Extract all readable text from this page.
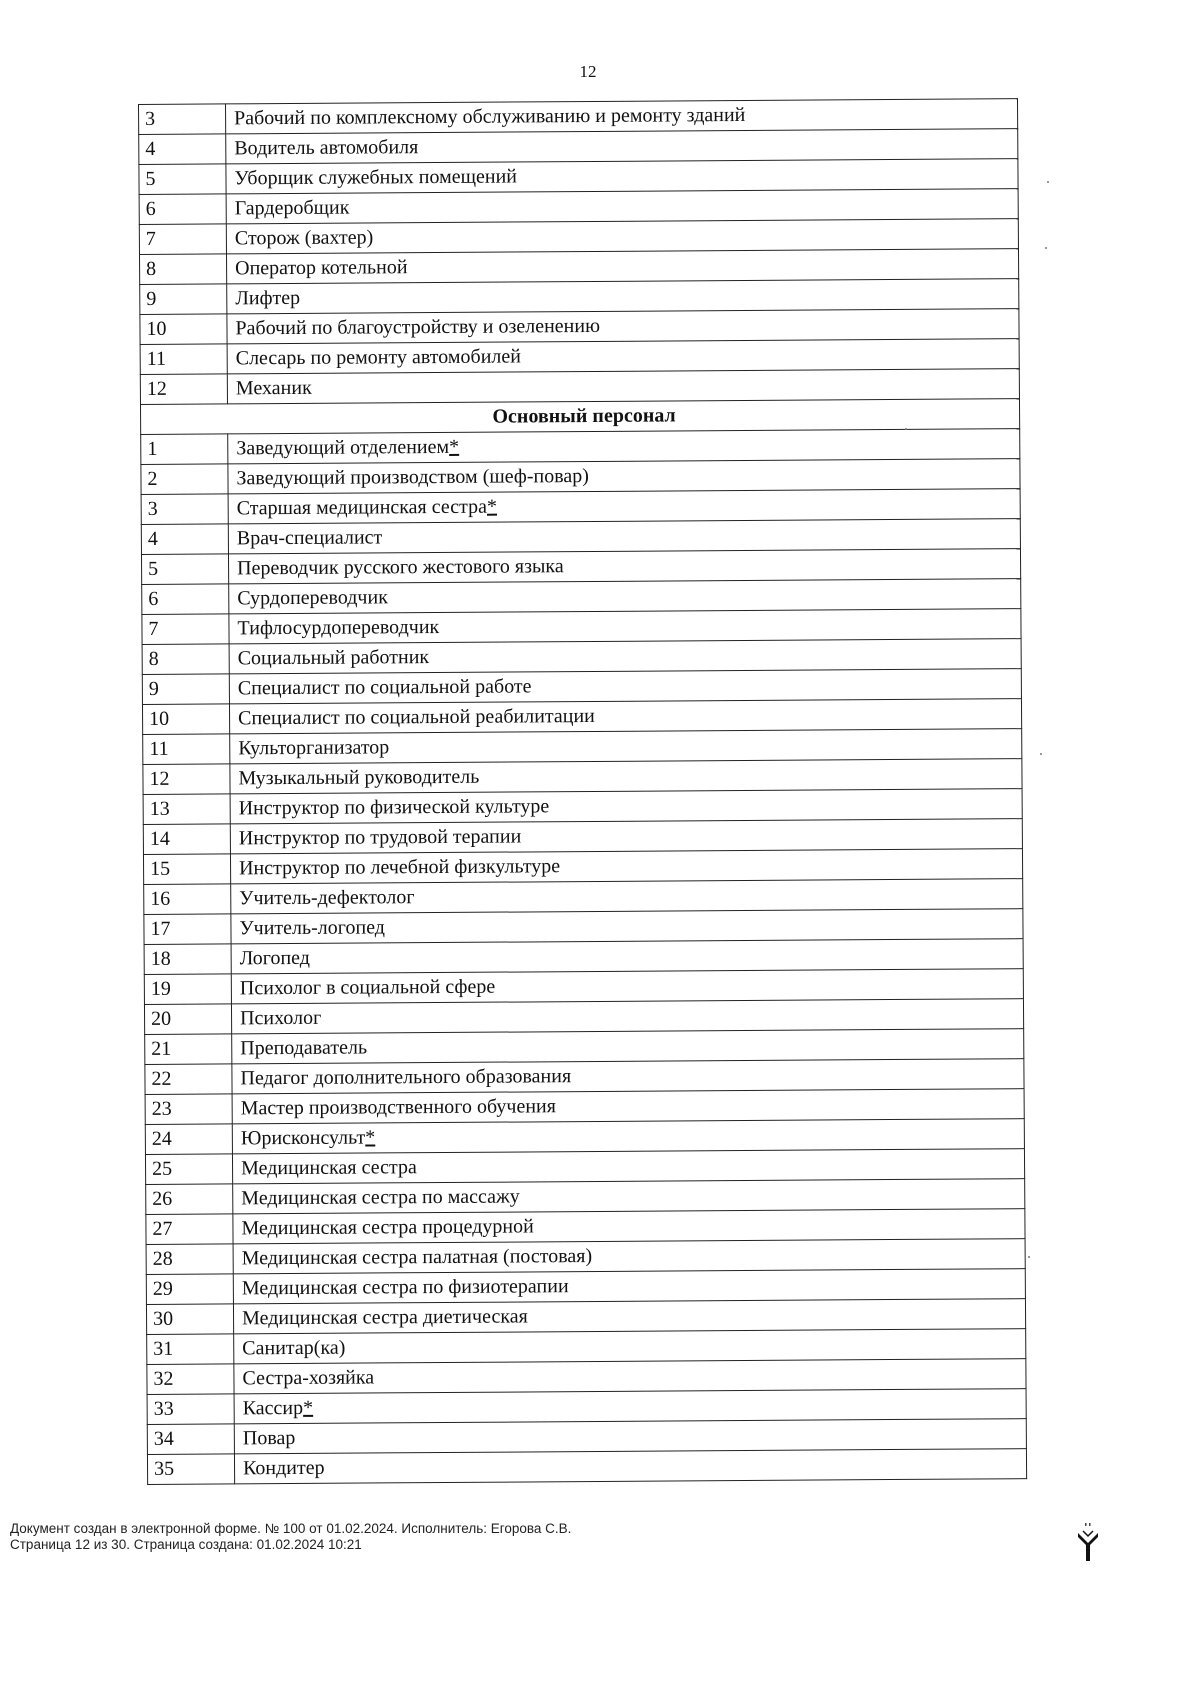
12
3	Рабочий по комплексному обслуживанию и ремонту зданий
4	Водитель автомобиля
5	Уборщик служебных помещений
6	Гардеробщик
7	Сторож (вахтер)
8	Оператор котельной
9	Лифтер
10	Рабочий по благоустройству и озеленению
11	Слесарь по ремонту автомобилей
12	Механик
Основный персонал	
1	Заведующий отделением*
2	Заведующий производством (шеф-повар)
3	Старшая медицинская сестра*
4	Врач-специалист
5	Переводчик русского жестового языка
6	Сурдопереводчик
7	Тифлосурдопереводчик
8	Социальный работник
9	Специалист по социальной работе
10	Специалист по социальной реабилитации
11	Культорганизатор
12	Музыкальный руководитель
13	Инструктор по физической культуре
14	Инструктор по трудовой терапии
15	Инструктор по лечебной физкультуре
16	Учитель-дефектолог
17	Учитель-логопед
18	Логопед
19	Психолог в социальной сфере
20	Психолог
21	Преподаватель
22	Педагог дополнительного образования
23	Мастер производственного обучения
24	Юрисконсульт*
25	Медицинская сестра
26	Медицинская сестра по массажу
27	Медицинская сестра процедурной
28	Медицинская сестра палатная (постовая)
29	Медицинская сестра по физиотерапии
30	Медицинская сестра диетическая
31	Санитар(ка)
32	Сестра-хозяйка
33	Кассир*
34	Повар
35	Кондитер
Документ создан в электронной форме. № 100 от 01.02.2024. Исполнитель: Егорова С.В.
Страница 12 из 30. Страница создана: 01.02.2024 10:21
